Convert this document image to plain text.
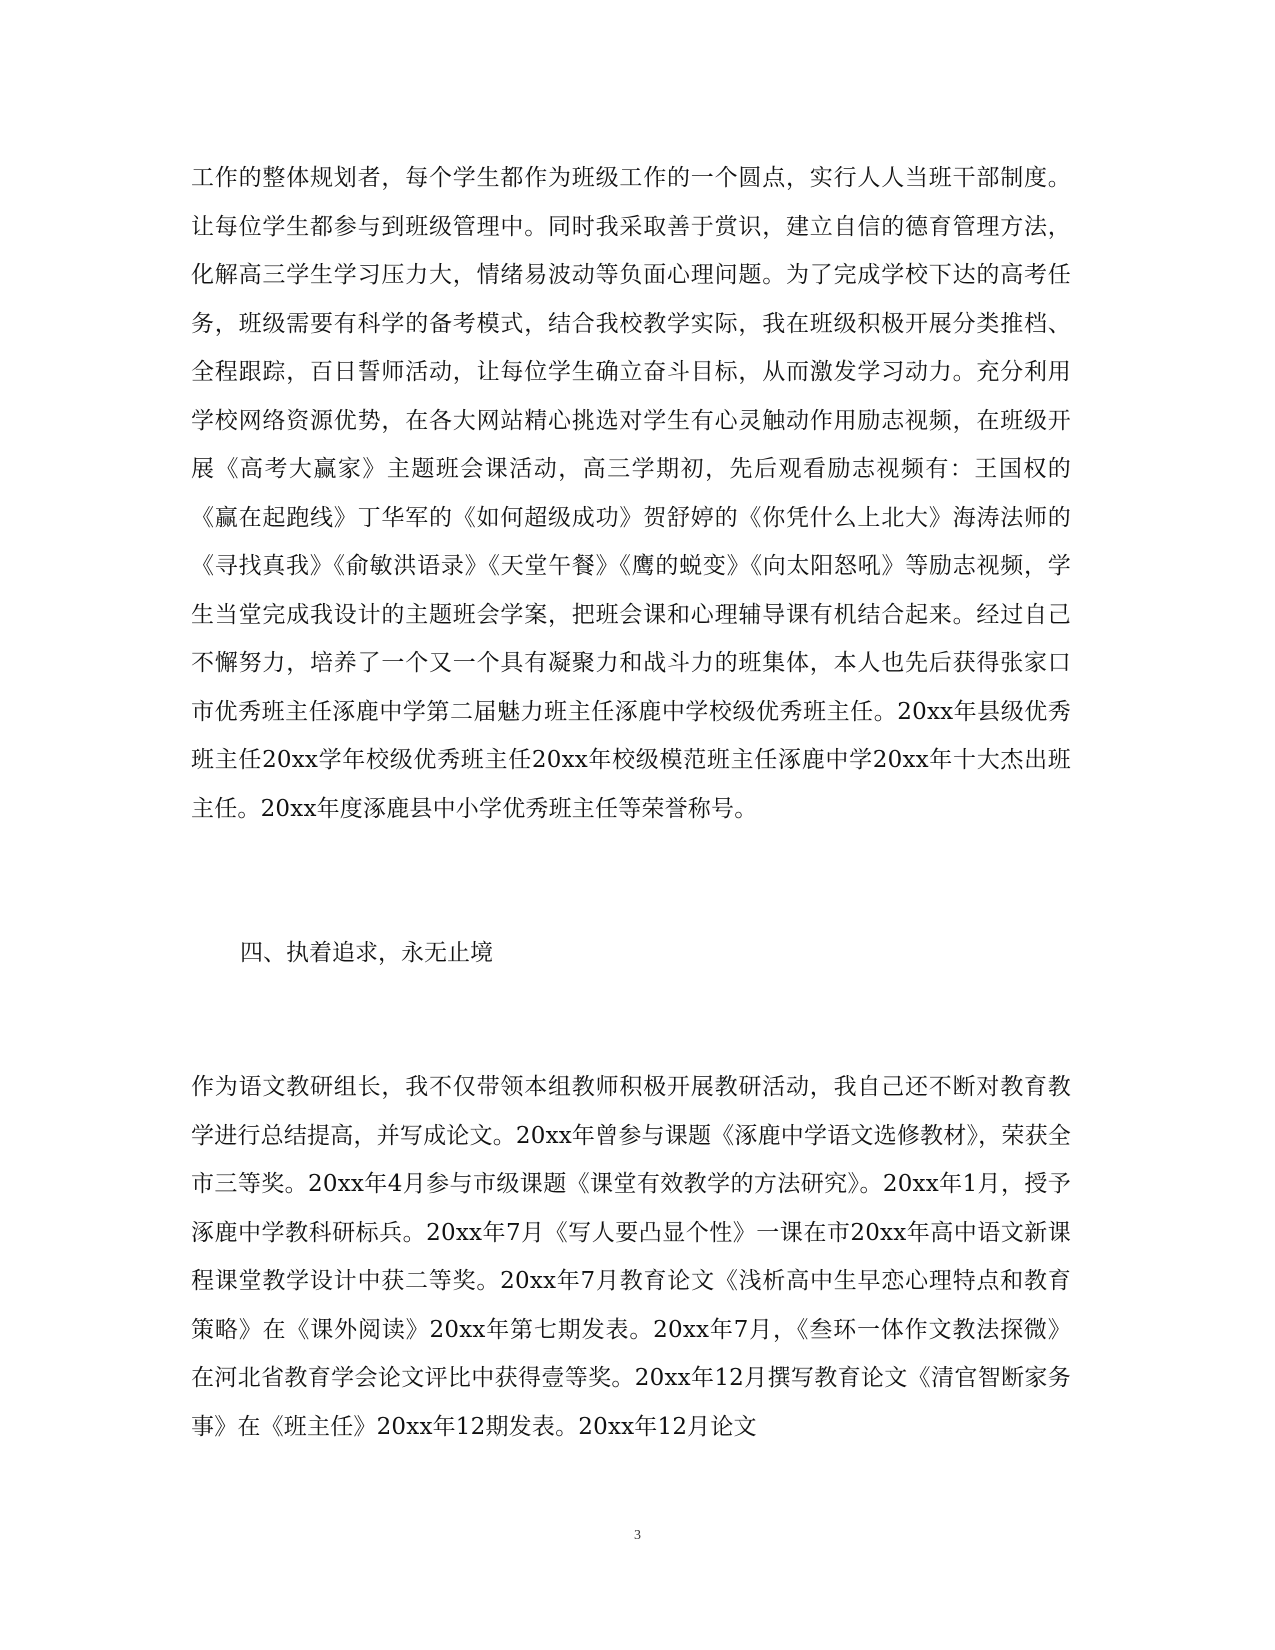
工作的整体规划者，每个学生都作为班级工作的一个圆点，实行人人当班干部制度。让每位学生都参与到班级管理中。同时我采取善于赏识，建立自信的德育管理方法，化解高三学生学习压力大，情绪易波动等负面心理问题。为了完成学校下达的高考任务，班级需要有科学的备考模式，结合我校教学实际，我在班级积极开展分类推档、全程跟踪，百日誓师活动，让每位学生确立奋斗目标，从而激发学习动力。充分利用学校网络资源优势，在各大网站精心挑选对学生有心灵触动作用励志视频，在班级开展《高考大赢家》主题班会课活动，高三学期初，先后观看励志视频有：王国权的《赢在起跑线》丁华军的《如何超级成功》贺舒婷的《你凭什么上北大》海涛法师的《寻找真我》《俞敏洪语录》《天堂午餐》《鹰的蜕变》《向太阳怒吼》等励志视频，学生当堂完成我设计的主题班会学案，把班会课和心理辅导课有机结合起来。经过自己不懈努力，培养了一个又一个具有凝聚力和战斗力的班集体，本人也先后获得张家口市优秀班主任涿鹿中学第二届魅力班主任涿鹿中学校级优秀班主任。20xx年县级优秀班主任20xx学年校级优秀班主任20xx年校级模范班主任涿鹿中学20xx年十大杰出班主任。20xx年度涿鹿县中小学优秀班主任等荣誉称号。

四、执着追求，永无止境

作为语文教研组长，我不仅带领本组教师积极开展教研活动，我自己还不断对教育教学进行总结提高，并写成论文。20xx年曾参与课题《涿鹿中学语文选修教材》，荣获全市三等奖。20xx年4月参与市级课题《课堂有效教学的方法研究》。20xx年1月，授予涿鹿中学教科研标兵。20xx年7月《写人要凸显个性》一课在市20xx年高中语文新课程课堂教学设计中获二等奖。20xx年7月教育论文《浅析高中生早恋心理特点和教育策略》在《课外阅读》20xx年第七期发表。20xx年7月，《叁环一体作文教法探微》在河北省教育学会论文评比中获得壹等奖。20xx年12月撰写教育论文《清官智断家务事》在《班主任》20xx年12期发表。20xx年12月论文

3
